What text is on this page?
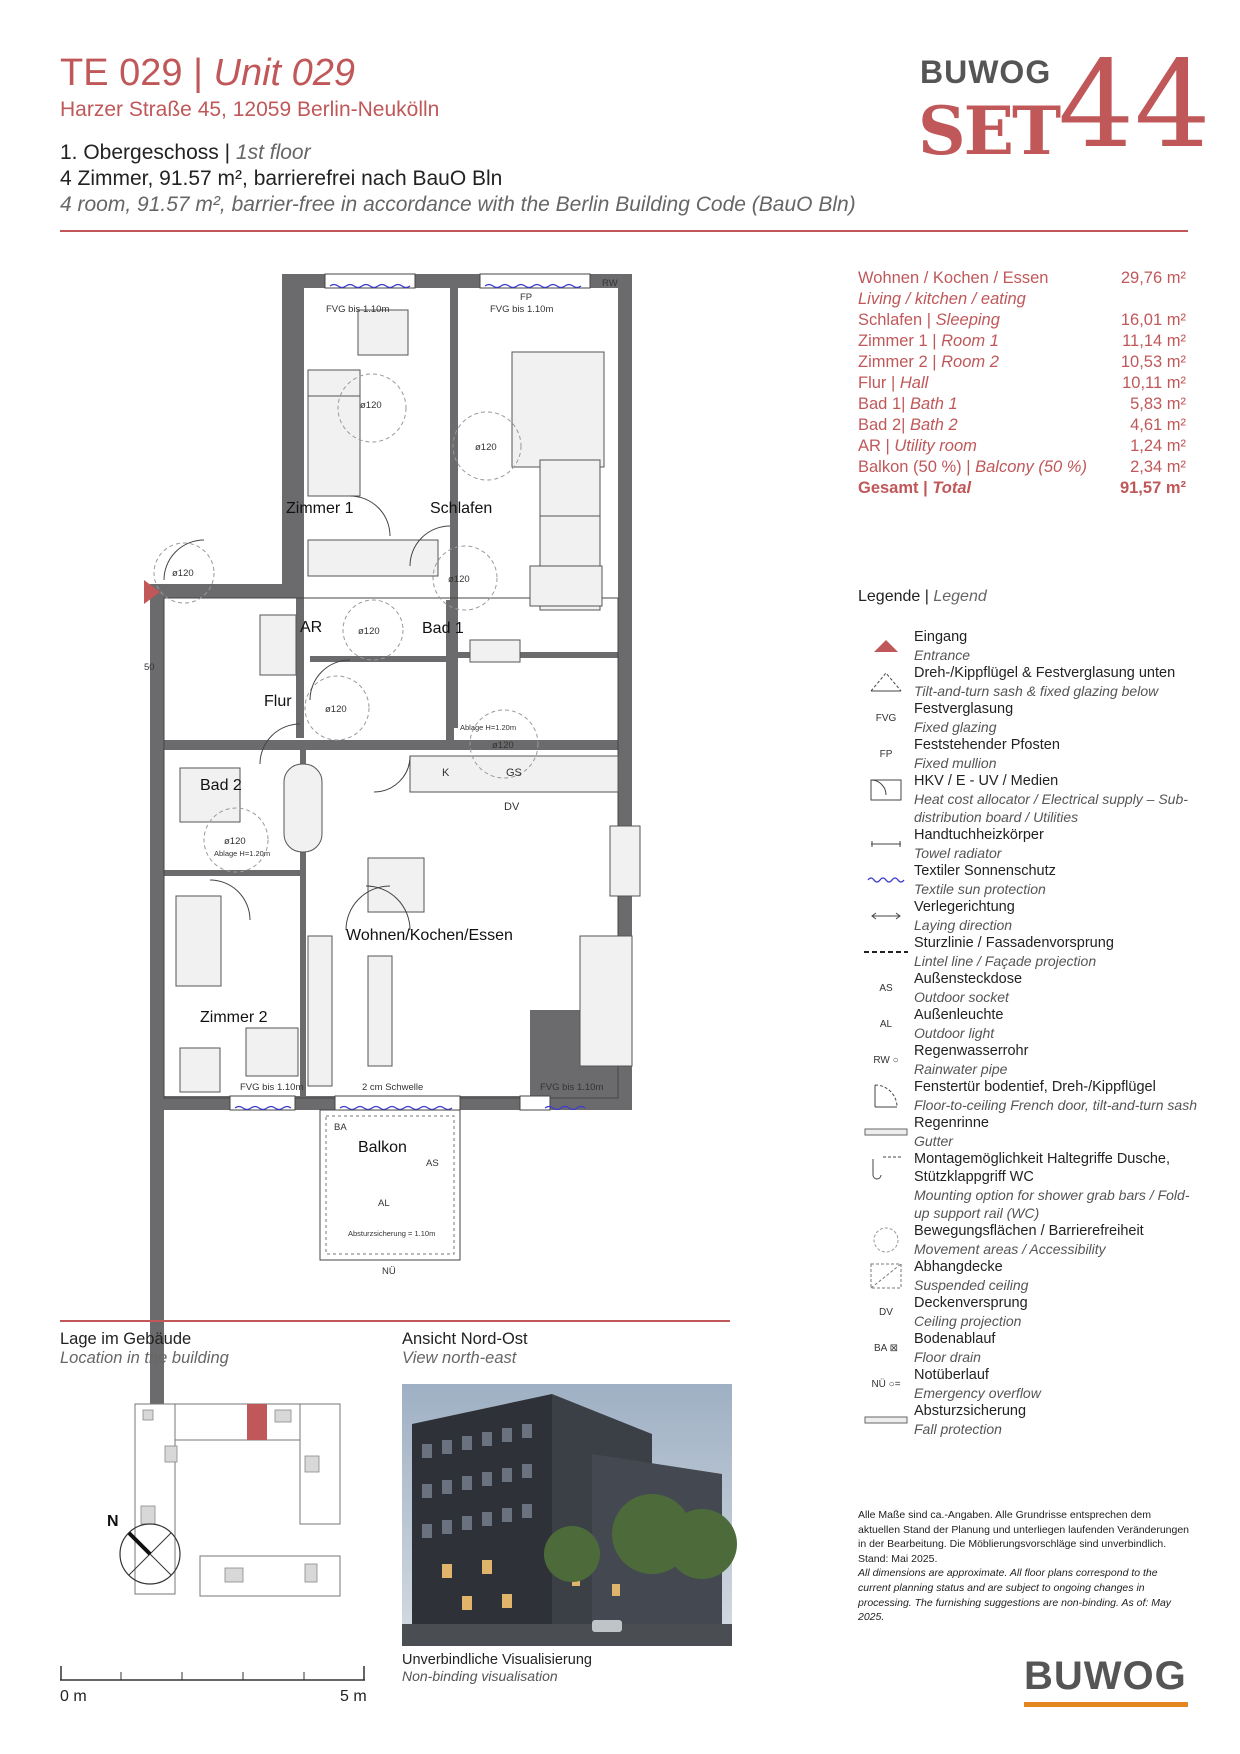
TE 029 | Unit 029
Harzer Straße 45, 12059 Berlin-Neukölln
1. Obergeschoss | 1st floor
4 Zimmer, 91.57 m², barrierefrei nach BauO Bln
4 room, 91.57 m², barrier-free in accordance with the Berlin Building Code (BauO Bln)
BUWOG
SET
44
Zimmer 1	Schlafen
AR	Bad 1
Flur
Bad 2
Wohnen/Kochen/Essen
Zimmer 2
Balkon
FVG bis 1.10m	FVG bis 1.10m
FP
RW
FVG bis 1.10m	FVG bis 1.10m
2 cm Schwelle
ø120
ø120
ø120
ø120
ø120
ø120
ø120
ø120
Ablage H=1.20m
Ablage H=1.20m
Absturzsicherung = 1.10m
AS
BA
AL
NÜ
K	GS
DV
50
Wohnen / Kochen / Essen	29,76 m²
Living / kitchen / eating
Schlafen | Sleeping	16,01 m²
Zimmer 1 | Room 1	11,14 m²
Zimmer 2 | Room 2	10,53 m²
Flur | Hall	10,11 m²
Bad 1| Bath 1	5,83 m²
Bad 2| Bath 2	4,61 m²
AR | Utility room	1,24 m²
Balkon (50 %) | Balcony (50 %)	2,34 m²
Gesamt | Total	91,57 m²
Legende | Legend
Eingang
Entrance
Dreh-/Kippflügel & Festverglasung unten
Tilt-and-turn sash & fixed glazing below
FVG
Festverglasung
Fixed glazing
FP
Feststehender Pfosten
Fixed mullion
HKV / E - UV / Medien
Heat cost allocator / Electrical supply – Sub-distribution board / Utilities
Handtuchheizkörper
Towel radiator
Textiler Sonnenschutz
Textile sun protection
Verlegerichtung
Laying direction
Sturzlinie / Fassadenvorsprung
Lintel line / Façade projection
AS
Außensteckdose
Outdoor socket
AL
Außenleuchte
Outdoor light
RW ○
Regenwasserrohr
Rainwater pipe
Fenstertür bodentief, Dreh-/Kippflügel
Floor-to-ceiling French door, tilt-and-turn sash
Regenrinne
Gutter
Montagemöglichkeit Haltegriffe Dusche, Stützklappgriff WC
Mounting option for shower grab bars / Fold-up support rail (WC)
Bewegungsflächen / Barrierefreiheit
Movement areas / Accessibility
Abhangdecke
Suspended ceiling
DV
Deckenversprung
Ceiling projection
BA ⊠
Bodenablauf
Floor drain
NÜ ○=
Notüberlauf
Emergency overflow
Absturzsicherung
Fall protection
Alle Maße sind ca.-Angaben. Alle Grundrisse entsprechen dem aktuellen Stand der Planung und unterliegen laufenden Veränderungen in der Bearbeitung. Die Möblierungsvorschläge sind unverbindlich. Stand: Mai 2025.
All dimensions are approximate. All floor plans correspond to the current planning status and are subject to ongoing changes in processing. The furnishing suggestions are non-binding. As of: May 2025.
Lage im Gebäude
Location in the building
N
Ansicht Nord-Ost
View north-east
Unverbindliche Visualisierung
Non-binding visualisation
0 m	5 m	BUWOG
